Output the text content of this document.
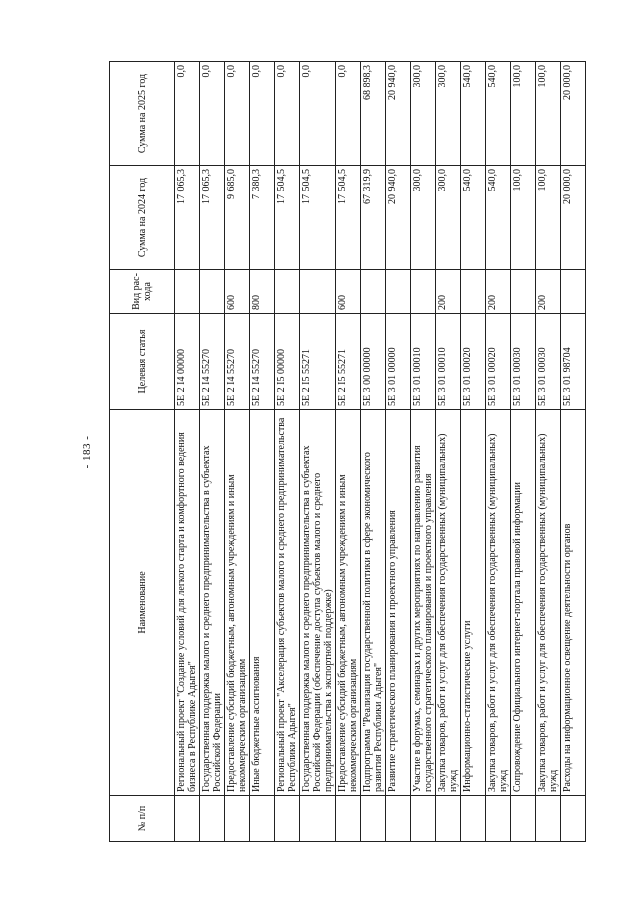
- 183 -
№ п/п	Наименование	Целевая статья	Вид рас-хода	Сумма на 2024 год	Сумма на 2025 год
	Региональный проект "Создание условий для легкого старта и комфортного ведения бизнеса в Республике Адыгея"	5Е 2 I4 00000		17 065,3	0,0
	Государственная поддержка малого и среднего предпринимательства в субъектах Российской Федерации	5Е 2 I4 55270		17 065,3	0,0
	Предоставление субсидий бюджетным, автономным учреждениям и иным некоммерческим организациям	5Е 2 I4 55270	600	9 685,0	0,0
	Иные бюджетные ассигнования	5Е 2 I4 55270	800	7 380,3	0,0
	Региональный проект "Акселерация субъектов малого и среднего предпринимательства Республики Адыгея"	5Е 2 I5 00000		17 504,5	0,0
	Государственная поддержка малого и среднего предпринимательства в субъектах Российской Федерации (обеспечение доступа субъектов малого и среднего предпринимательства к экспортной поддержке)	5Е 2 I5 55271		17 504,5	0,0
	Предоставление субсидий бюджетным, автономным учреждениям и иным некоммерческим организациям	5Е 2 I5 55271	600	17 504,5	0,0
	Подпрограмма "Реализация государственной политики в сфере экономического развития Республики Адыгея"	5Е 3 00 00000		67 319,9	68 898,3
	Развитие стратегического планирования и проектного управления	5Е 3 01 00000		20 940,0	20 940,0
	Участие в форумах, семинарах и других мероприятиях по направлению развития государственного стратегического планирования и проектного управления	5Е 3 01 00010		300,0	300,0
	Закупка товаров, работ и услуг для обеспечения государственных (муниципальных) нужд	5Е 3 01 00010	200	300,0	300,0
	Информационно-статистические услуги	5Е 3 01 00020		540,0	540,0
	Закупка товаров, работ и услуг для обеспечения государственных (муниципальных) нужд	5Е 3 01 00020	200	540,0	540,0
	Сопровождение Официального интернет-портала правовой информации	5Е 3 01 00030		100,0	100,0
	Закупка товаров, работ и услуг для обеспечения государственных (муниципальных) нужд	5Е 3 01 00030	200	100,0	100,0
	Расходы на информационное освещение деятельности органов	5Е 3 01 98704		20 000,0	20 000,0
